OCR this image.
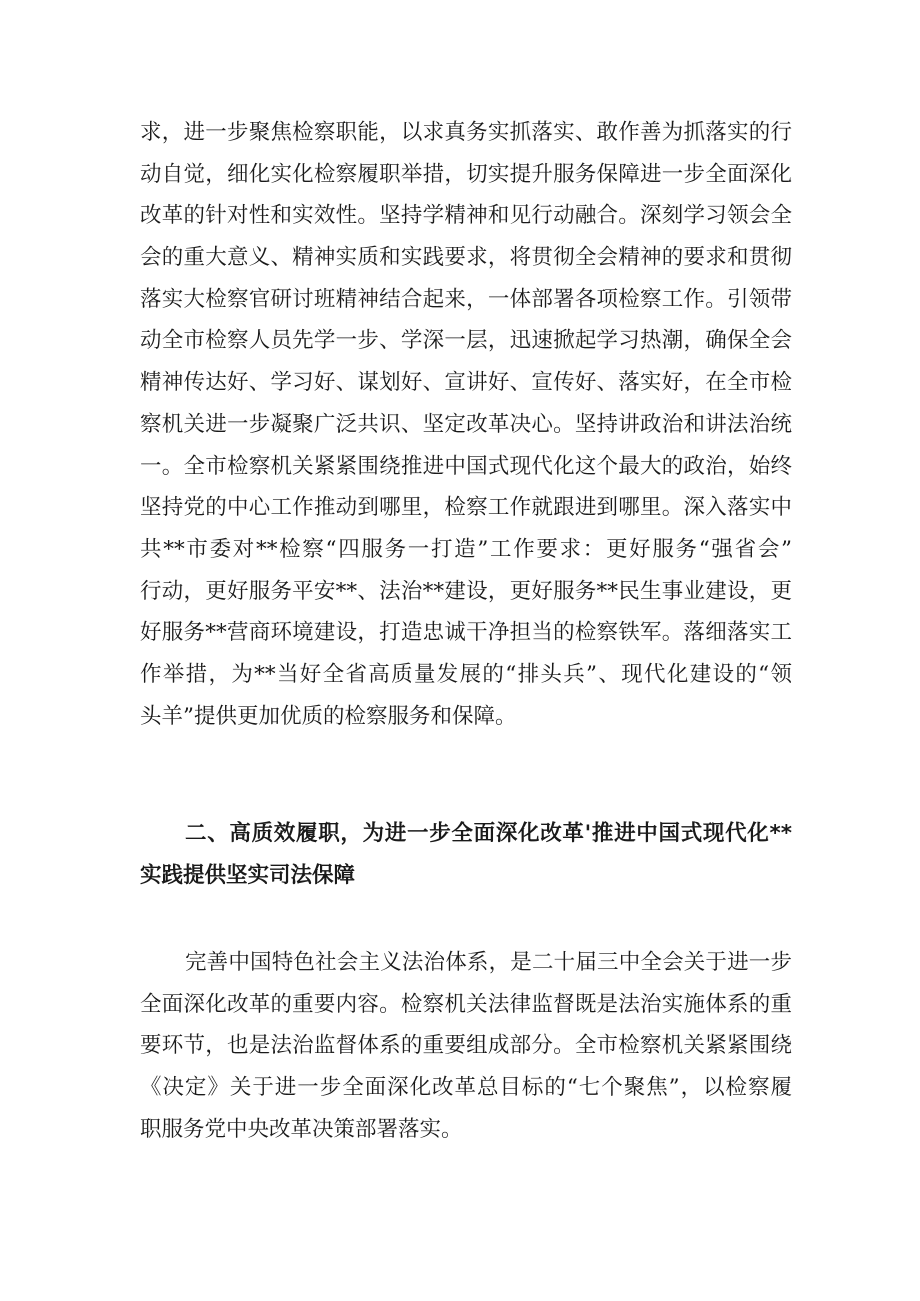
求，进一步聚焦检察职能，以求真务实抓落实、敢作善为抓落实的行
动自觉，细化实化检察履职举措，切实提升服务保障进一步全面深化
改革的针对性和实效性。坚持学精神和见行动融合。深刻学习领会全
会的重大意义、精神实质和实践要求，将贯彻全会精神的要求和贯彻
落实大检察官研讨班精神结合起来，一体部署各项检察工作。引领带
动全市检察人员先学一步、学深一层，迅速掀起学习热潮，确保全会
精神传达好、学习好、谋划好、宣讲好、宣传好、落实好，在全市检
察机关进一步凝聚广泛共识、坚定改革决心。坚持讲政治和讲法治统
一。全市检察机关紧紧围绕推进中国式现代化这个最大的政治，始终
坚持党的中心工作推动到哪里，检察工作就跟进到哪里。深入落实中
共**市委对**检察“四服务一打造”工作要求：更好服务“强省会”
行动，更好服务平安**、法治**建设，更好服务**民生事业建设，更
好服务**营商环境建设，打造忠诚干净担当的检察铁军。落细落实工
作举措，为**当好全省高质量发展的“排头兵”、现代化建设的“领
头羊”提供更加优质的检察服务和保障。
二、高质效履职，为进一步全面深化改革'推进中国式现代化**
实践提供坚实司法保障
完善中国特色社会主义法治体系，是二十届三中全会关于进一步
全面深化改革的重要内容。检察机关法律监督既是法治实施体系的重
要环节，也是法治监督体系的重要组成部分。全市检察机关紧紧围绕
《决定》关于进一步全面深化改革总目标的“七个聚焦”，以检察履
职服务党中央改革决策部署落实。
